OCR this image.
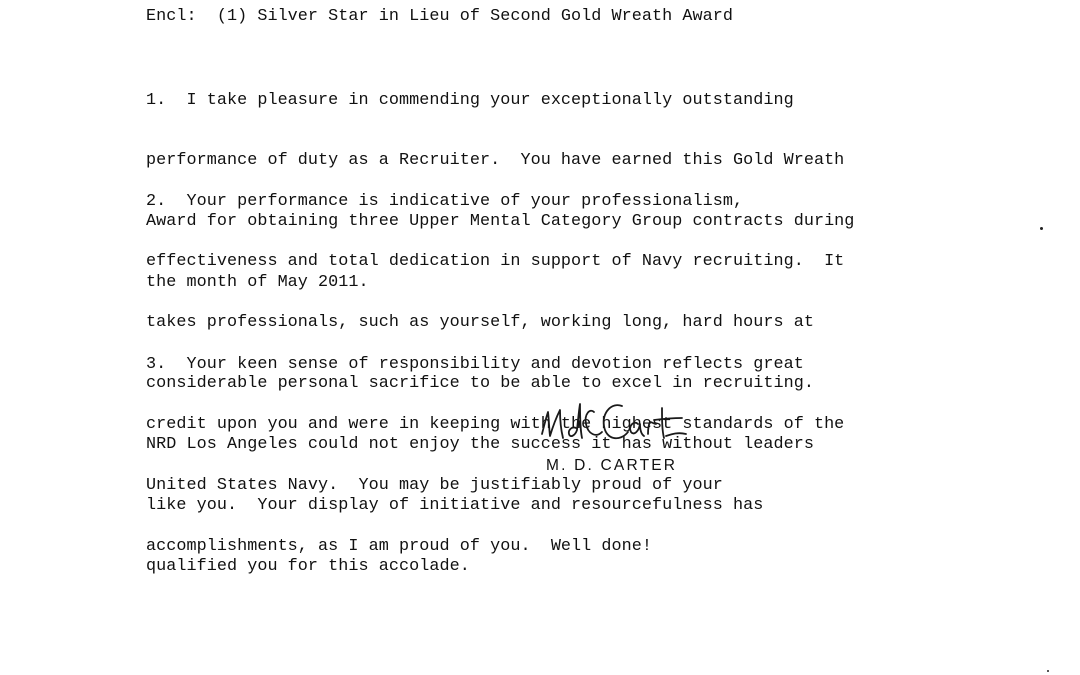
Encl:  (1) Silver Star in Lieu of Second Gold Wreath Award

1.  I take pleasure in commending your exceptionally outstanding

performance of duty as a Recruiter.  You have earned this Gold Wreath

Award for obtaining three Upper Mental Category Group contracts during

the month of May 2011.

2.  Your performance is indicative of your professionalism,

effectiveness and total dedication in support of Navy recruiting.  It

takes professionals, such as yourself, working long, hard hours at

considerable personal sacrifice to be able to excel in recruiting.

NRD Los Angeles could not enjoy the success it has without leaders

like you.  Your display of initiative and resourcefulness has

qualified you for this accolade.

3.  Your keen sense of responsibility and devotion reflects great

credit upon you and were in keeping with the highest standards of the

United States Navy.  You may be justifiably proud of your

accomplishments, as I am proud of you.  Well done!

M. D. CARTER
